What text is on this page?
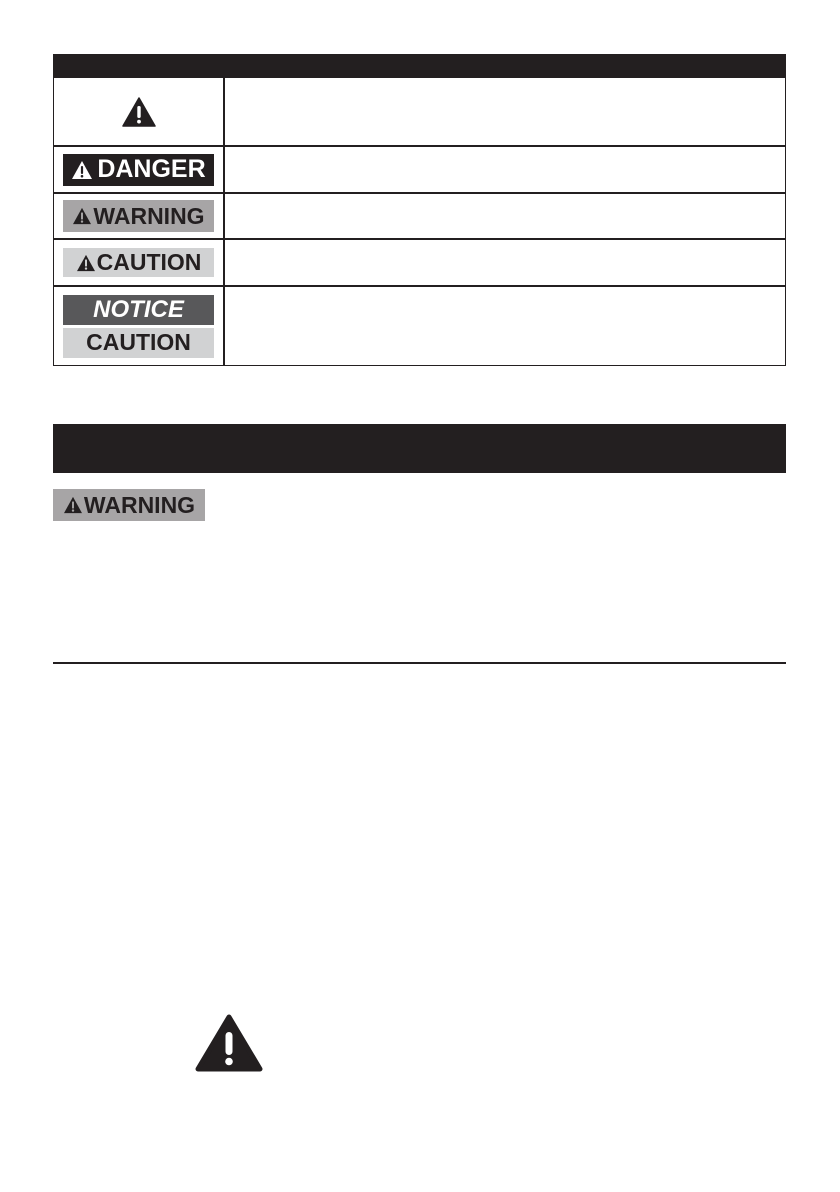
DANGER
WARNING
CAUTION
NOTICE
CAUTION
WARNING
